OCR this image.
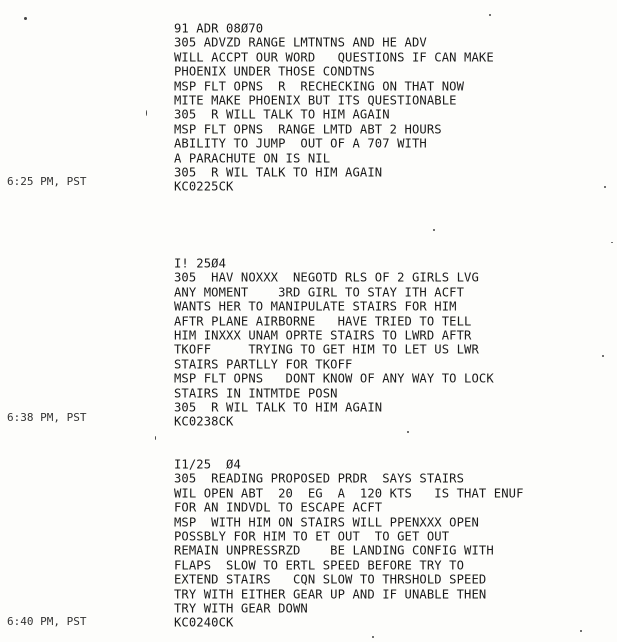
91 ADR 08Ø70
305 ADVZD RANGE LMTNTNS AND HE ADV
WILL ACCPT OUR WORD   QUESTIONS IF CAN MAKE
PHOENIX UNDER THOSE CONDTNS
MSP FLT OPNS  R  RECHECKING ON THAT NOW
MITE MAKE PHOENIX BUT ITS QUESTIONABLE
305  R WILL TALK TO HIM AGAIN
MSP FLT OPNS  RANGE LMTD ABT 2 HOURS
ABILITY TO JUMP  OUT OF A 707 WITH
A PARACHUTE ON IS NIL
305  R WIL TALK TO HIM AGAIN
KC0225CK
6:25 PM, PST
I! 25Ø4
305  HAV NOXXX  NEGOTD RLS OF 2 GIRLS LVG
ANY MOMENT    3RD GIRL TO STAY ITH ACFT
WANTS HER TO MANIPULATE STAIRS FOR HIM
AFTR PLANE AIRBORNE   HAVE TRIED TO TELL
HIM INXXX UNAM OPRTE STAIRS TO LWRD AFTR
TKOFF     TRYING TO GET HIM TO LET US LWR
STAIRS PARTLLY FOR TKOFF
MSP FLT OPNS   DONT KNOW OF ANY WAY TO LOCK
STAIRS IN INTMTDE POSN
305  R WIL TALK TO HIM AGAIN
KC0238CK
6:38 PM, PST
I1/25  Ø4
305  READING PROPOSED PRDR  SAYS STAIRS
WIL OPEN ABT  20  EG  A  120 KTS   IS THAT ENUF
FOR AN INDVDL TO ESCAPE ACFT
MSP  WITH HIM ON STAIRS WILL PPENXXX OPEN
POSSBLY FOR HIM TO ET OUT  TO GET OUT
REMAIN UNPRESSRZD    BE LANDING CONFIG WITH
FLAPS  SLOW TO ERTL SPEED BEFORE TRY TO
EXTEND STAIRS   CQN SLOW TO THRSHOLD SPEED
TRY WITH EITHER GEAR UP AND IF UNABLE THEN
TRY WITH GEAR DOWN
KC0240CK
6:40 PM, PST
